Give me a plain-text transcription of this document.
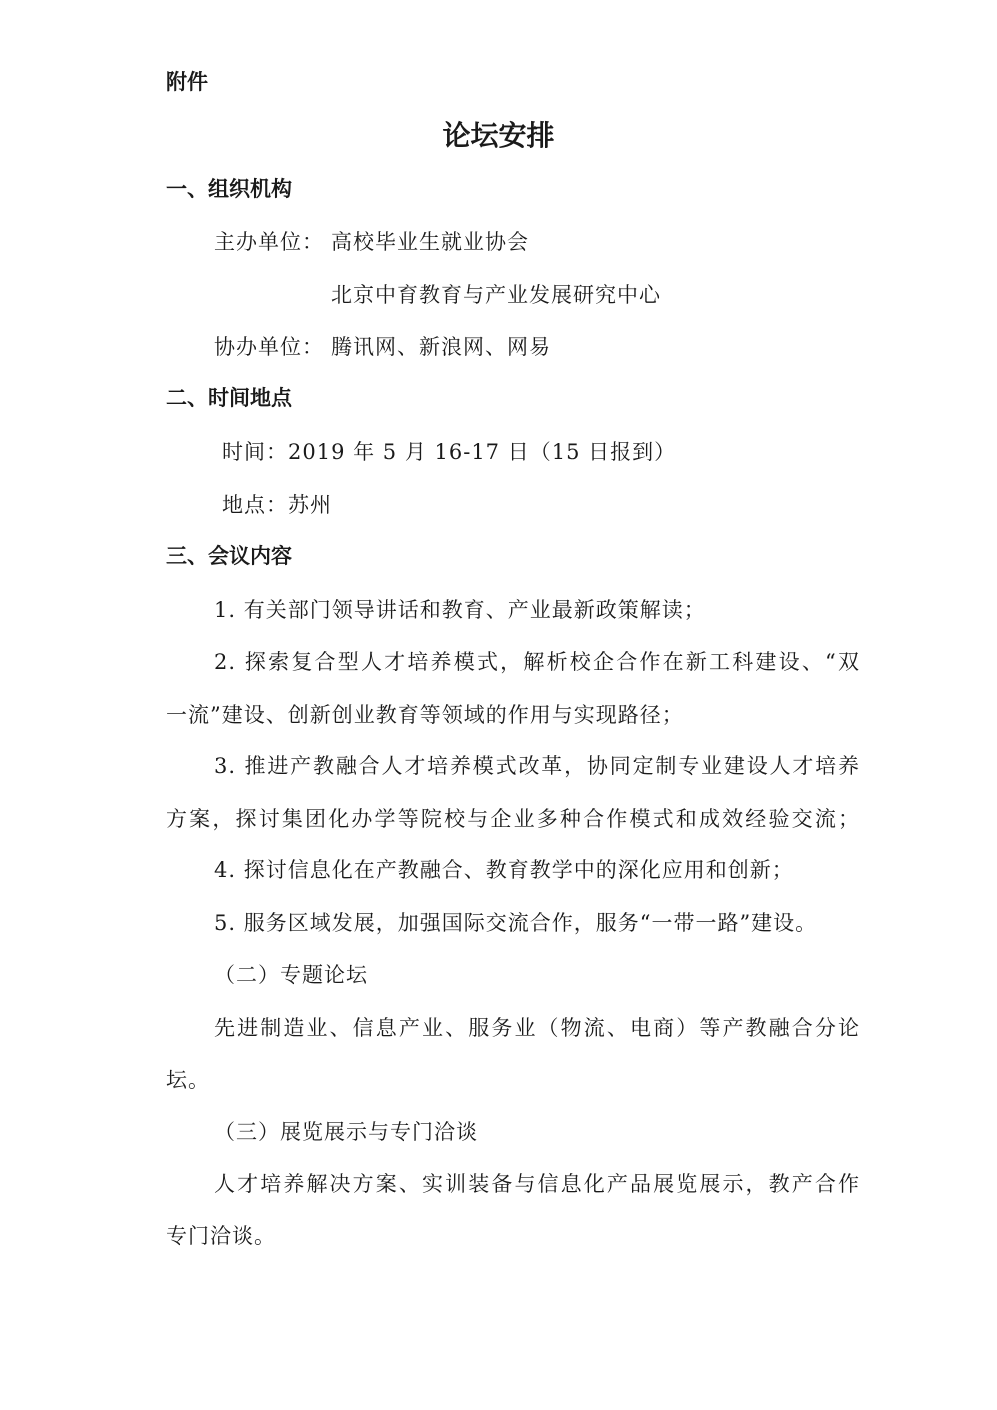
附件
论坛安排
一、组织机构
主办单位： 高校毕业生就业协会
北京中育教育与产业发展研究中心
协办单位： 腾讯网、新浪网、网易
二、时间地点
时间：2019 年 5 月 16-17 日（15 日报到）
地点：苏州
三、会议内容
1. 有关部门领导讲话和教育、产业最新政策解读；
2. 探索复合型人才培养模式，解析校企合作在新工科建设、“双
一流”建设、创新创业教育等领域的作用与实现路径；
3. 推进产教融合人才培养模式改革，协同定制专业建设人才培养
方案，探讨集团化办学等院校与企业多种合作模式和成效经验交流；
4. 探讨信息化在产教融合、教育教学中的深化应用和创新；
5. 服务区域发展，加强国际交流合作，服务“一带一路”建设。
（二）专题论坛
先进制造业、信息产业、服务业（物流、电商）等产教融合分论
坛。
（三）展览展示与专门洽谈
人才培养解决方案、实训装备与信息化产品展览展示，教产合作
专门洽谈。
